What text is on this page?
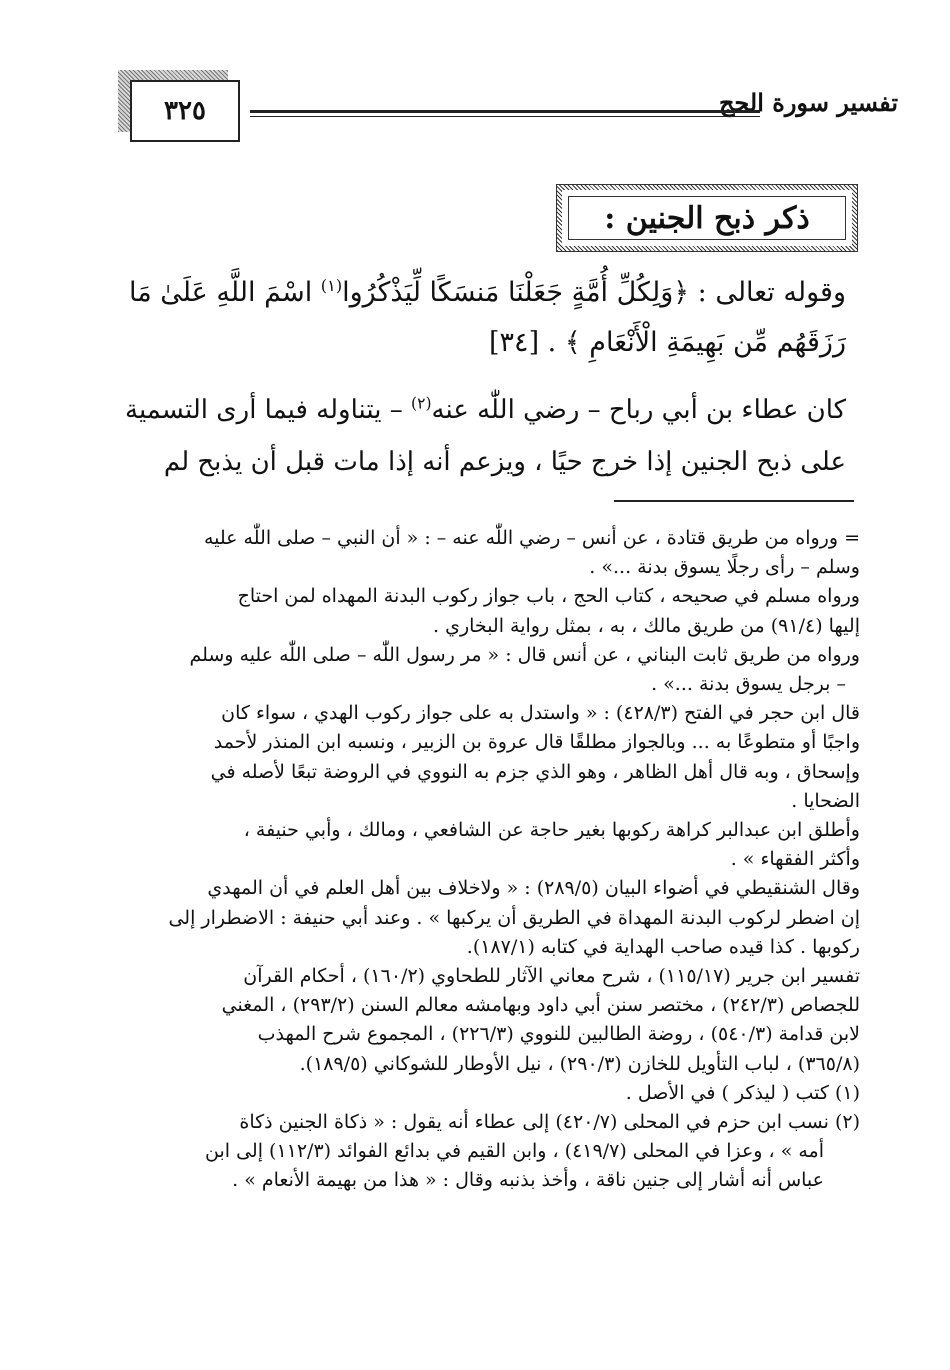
تفسير سورة الحج
٣٢٥
ذكر ذبح الجنين :
وقوله تعالى : ﴿وَلِكُلِّ أُمَّةٍ جَعَلْنَا مَنسَكًا لِّيَذْكُرُوا$^{(١)}$ اسْمَ اللَّهِ عَلَىٰ مَا
رَزَقَهُم مِّن بَهِيمَةِ الْأَنْعَامِ ﴾ . [٣٤]
كان عطاء بن أبي رباح – رضي اللّٰه عنه$^{(٢)}$ – يتناوله فيما أرى التسمية
على ذبح الجنين إذا خرج حيًا ، ويزعم أنه إذا مات قبل أن يذبح لم
= ورواه من طريق قتادة ، عن أنس – رضي اللّٰه عنه – : « أن النبي – صلى اللّٰه عليه
وسلم – رأى رجلًا يسوق بدنة ...» .
ورواه مسلم في صحيحه ، كتاب الحج ، باب جواز ركوب البدنة المهداه لمن احتاج
إليها (٩١/٤) من طريق مالك ، به ، بمثل رواية البخاري .
ورواه من طريق ثابت البناني ، عن أنس قال : « مر رسول اللّٰه – صلى اللّٰه عليه وسلم
– برجل يسوق بدنة ...» .
قال ابن حجر في الفتح (٤٢٨/٣) : « واستدل به على جواز ركوب الهدي ، سواء كان
واجبًا أو متطوعًا به ... وبالجواز مطلقًا قال عروة بن الزبير ، ونسبه ابن المنذر لأحمد
وإسحاق ، وبه قال أهل الظاهر ، وهو الذي جزم به النووي في الروضة تبعًا لأصله في
الضحايا .
وأطلق ابن عبدالبر كراهة ركوبها بغير حاجة عن الشافعي ، ومالك ، وأبي حنيفة ،
وأكثر الفقهاء » .
وقال الشنقيطي في أضواء البيان (٢٨٩/٥) : « ولاخلاف بين أهل العلم في أن المهدي
إن اضطر لركوب البدنة المهداة في الطريق أن يركبها » . وعند أبي حنيفة : الاضطرار إلى
ركوبها . كذا قيده صاحب الهداية في كتابه (١٨٧/١).
تفسير ابن جرير (١١٥/١٧) ، شرح معاني الآثار للطحاوي (١٦٠/٢) ، أحكام القرآن
للجصاص (٢٤٢/٣) ، مختصر سنن أبي داود وبهامشه معالم السنن (٢٩٣/٢) ، المغني
لابن قدامة (٥٤٠/٣) ، روضة الطالبين للنووي (٢٢٦/٣) ، المجموع شرح المهذب
(٣٦٥/٨) ، لباب التأويل للخازن (٢٩٠/٣) ، نيل الأوطار للشوكاني (١٨٩/٥).
(١) كتب ( ليذكر ) في الأصل .
(٢) نسب ابن حزم في المحلى (٤٢٠/٧) إلى عطاء أنه يقول : « ذكاة الجنين ذكاة
أمه » ، وعزا في المحلى (٤١٩/٧) ، وابن القيم في بدائع الفوائد (١١٢/٣) إلى ابن
عباس أنه أشار إلى جنين ناقة ، وأخذ بذنبه وقال : « هذا من بهيمة الأنعام » .
